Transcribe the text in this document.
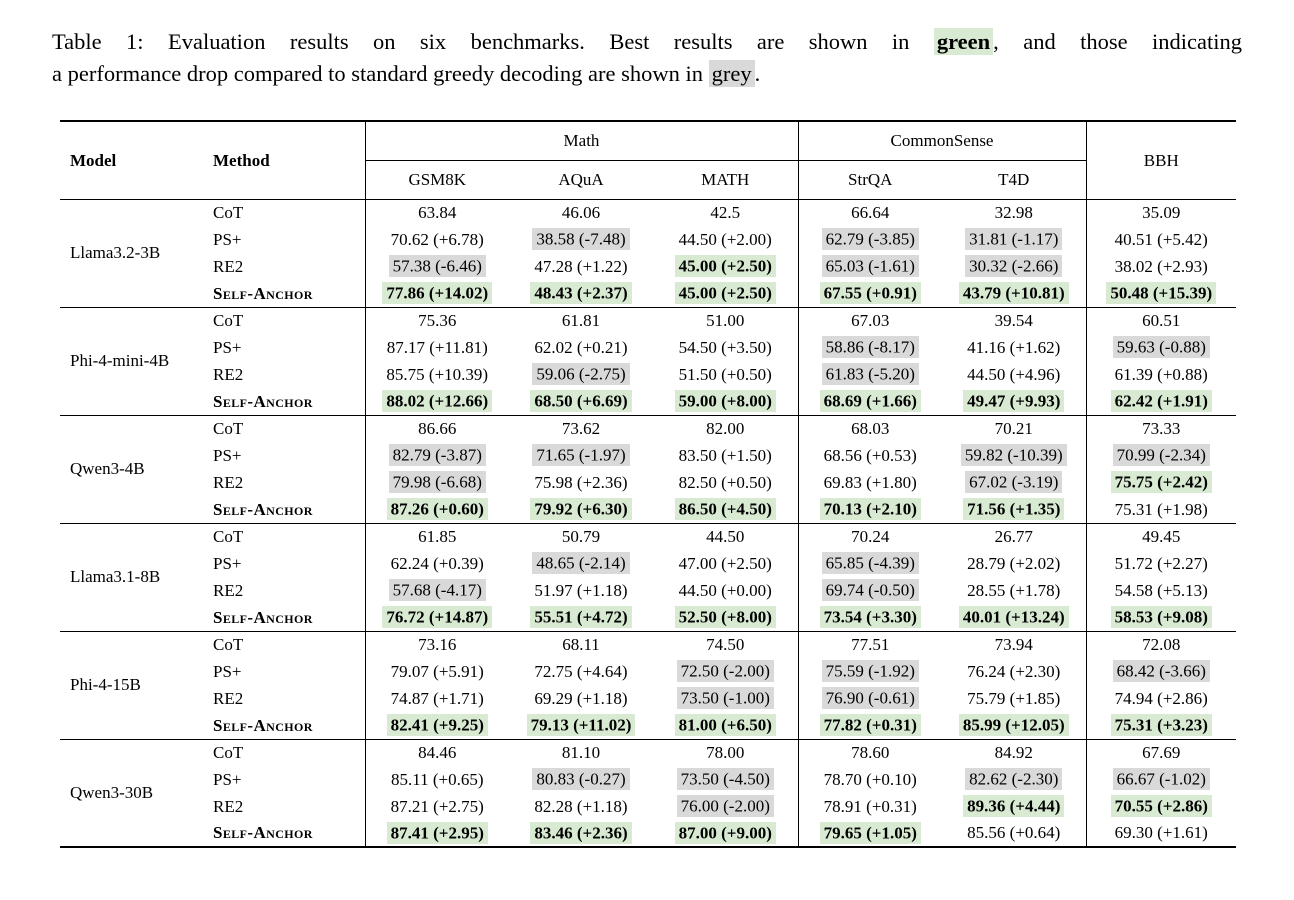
Table 1: Evaluation results on six benchmarks. Best results are shown in green , and those indicating
a performance drop compared to standard greedy decoding are shown in grey .
Model	Method	Math			CommonSense		BBH
		GSM8K	AQuA	MATH	StrQA	T4D	
Llama3.2-3B	CoT	63.84	46.06	42.5	66.64	32.98	35.09
	PS+	70.62 (+6.78)	38.58 (-7.48)	44.50 (+2.00)	62.79 (-3.85)	31.81 (-1.17)	40.51 (+5.42)
	RE2	57.38 (-6.46)	47.28 (+1.22)	45.00 (+2.50)	65.03 (-1.61)	30.32 (-2.66)	38.02 (+2.93)
	Self-Anchor	77.86 (+14.02)	48.43 (+2.37)	45.00 (+2.50)	67.55 (+0.91)	43.79 (+10.81)	50.48 (+15.39)
Phi-4-mini-4B	CoT	75.36	61.81	51.00	67.03	39.54	60.51
	PS+	87.17 (+11.81)	62.02 (+0.21)	54.50 (+3.50)	58.86 (-8.17)	41.16 (+1.62)	59.63 (-0.88)
	RE2	85.75 (+10.39)	59.06 (-2.75)	51.50 (+0.50)	61.83 (-5.20)	44.50 (+4.96)	61.39 (+0.88)
	Self-Anchor	88.02 (+12.66)	68.50 (+6.69)	59.00 (+8.00)	68.69 (+1.66)	49.47 (+9.93)	62.42 (+1.91)
Qwen3-4B	CoT	86.66	73.62	82.00	68.03	70.21	73.33
	PS+	82.79 (-3.87)	71.65 (-1.97)	83.50 (+1.50)	68.56 (+0.53)	59.82 (-10.39)	70.99 (-2.34)
	RE2	79.98 (-6.68)	75.98 (+2.36)	82.50 (+0.50)	69.83 (+1.80)	67.02 (-3.19)	75.75 (+2.42)
	Self-Anchor	87.26 (+0.60)	79.92 (+6.30)	86.50 (+4.50)	70.13 (+2.10)	71.56 (+1.35)	75.31 (+1.98)
Llama3.1-8B	CoT	61.85	50.79	44.50	70.24	26.77	49.45
	PS+	62.24 (+0.39)	48.65 (-2.14)	47.00 (+2.50)	65.85 (-4.39)	28.79 (+2.02)	51.72 (+2.27)
	RE2	57.68 (-4.17)	51.97 (+1.18)	44.50 (+0.00)	69.74 (-0.50)	28.55 (+1.78)	54.58 (+5.13)
	Self-Anchor	76.72 (+14.87)	55.51 (+4.72)	52.50 (+8.00)	73.54 (+3.30)	40.01 (+13.24)	58.53 (+9.08)
Phi-4-15B	CoT	73.16	68.11	74.50	77.51	73.94	72.08
	PS+	79.07 (+5.91)	72.75 (+4.64)	72.50 (-2.00)	75.59 (-1.92)	76.24 (+2.30)	68.42 (-3.66)
	RE2	74.87 (+1.71)	69.29 (+1.18)	73.50 (-1.00)	76.90 (-0.61)	75.79 (+1.85)	74.94 (+2.86)
	Self-Anchor	82.41 (+9.25)	79.13 (+11.02)	81.00 (+6.50)	77.82 (+0.31)	85.99 (+12.05)	75.31 (+3.23)
Qwen3-30B	CoT	84.46	81.10	78.00	78.60	84.92	67.69
	PS+	85.11 (+0.65)	80.83 (-0.27)	73.50 (-4.50)	78.70 (+0.10)	82.62 (-2.30)	66.67 (-1.02)
	RE2	87.21 (+2.75)	82.28 (+1.18)	76.00 (-2.00)	78.91 (+0.31)	89.36 (+4.44)	70.55 (+2.86)
	Self-Anchor	87.41 (+2.95)	83.46 (+2.36)	87.00 (+9.00)	79.65 (+1.05)	85.56 (+0.64)	69.30 (+1.61)
